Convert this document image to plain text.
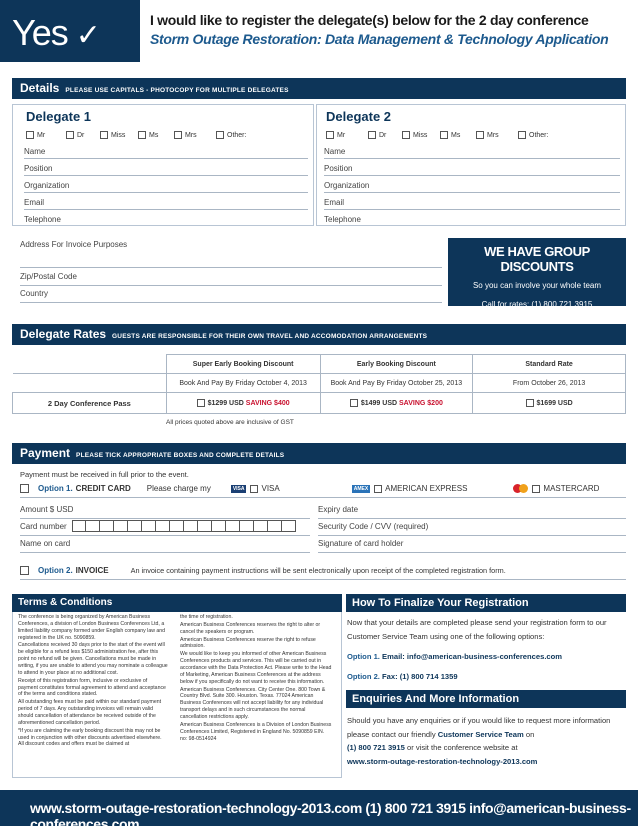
Yes ✓	I would like to register the delegate(s) below for the 2 day conference
Storm Outage Restoration: Data Management & Technology Application
Details PLEASE USE CAPITALS - PHOTOCOPY FOR MULTIPLE DELEGATES
Delegate 1	Delegate 2
Mr	Dr	Miss	Ms	Mrs	Other:	Mr	Dr	Miss	Ms	Mrs	Other:
Name
Position
Organization
Email
Telephone
Name
Position
Organization
Email
Telephone
Address For Invoice Purposes
Zip/Postal Code
Country
WE HAVE GROUP DISCOUNTS
So you can involve your whole team
Call for rates: (1) 800 721 3915
Delegate Rates GUESTS ARE RESPONSIBLE FOR THEIR OWN TRAVEL AND ACCOMODATION ARRANGEMENTS
	Super Early Booking Discount	Early Booking Discount	Standard Rate
	Book And Pay By Friday October 4, 2013	Book And Pay By Friday October 25, 2013	From October 26, 2013
2 Day Conference Pass	$1299 USD SAVING $400	$1499 USD SAVING $200	$1699 USD
All prices quoted above are inclusive of GST
Payment PLEASE TICK APPROPRIATE BOXES AND COMPLETE DETAILS
Payment must be received in full prior to the event.
Option 1. CREDIT CARD Please charge my	VISA VISA	AMEX AMERICAN EXPRESS	MASTERCARD
Amount $ USD	Expiry date
Card number	Security Code / CVV (required)
Name on card	Signature of card holder
Option 2. INVOICE	An invoice containing payment instructions will be sent electronically upon receipt of the completed registration form.
Terms & Conditions

The conference is being organized by American Business Conferences, a division of London Business Conferences Ltd, a limited liability company formed under English company law and registered in the UK no. 5090859.

Cancellations received 30 days prior to the start of the event will be eligible for a refund less $150 administration fee, after this point no refund will be given. Cancellations must be made in writing, if you are unable to attend you may nominate a colleague to attend in your place at no additional cost.

Receipt of this registration form, inclusive or exclusive of payment constitutes formal agreement to attend and acceptance of the terms and conditions stated.

All outstanding fees must be paid within our standard payment period of 7 days. Any outstanding invoices will remain valid should cancellation of attendance be received outside of the aforementioned cancellation period.

*If you are claiming the early booking discount this may not be used in conjunction with other discounts advertised elsewhere. All discount codes and offers must be claimed at

the time of registration.

American Business Conferences reserves the right to alter or cancel the speakers or program.

American Business Conferences reserve the right to refuse admission.

We would like to keep you informed of other American Business Conferences products and services. This will be carried out in accordance with the Data Protection Act. Please write to the Head of Marketing, American Business Conferences at the address below if you specifically do not want to receive this information.

American Business Conferences. City Center One. 800 Town & Country Blvd. Suite 300. Houston. Texas. 77024 American Business Conferences will not accept liability for any individual transport delays and in such circumstances the normal cancellation restrictions apply.

American Business Conferences is a Division of London Business Conferences Limited, Registered in England No. 5090859 EIN. no: 98-0514924

How To Finalize Your Registration
Now that your details are completed please send your registration form to our Customer Service Team using one of the following options:
Option 1. Email: info@american-business-conferences.com
Option 2. Fax: (1) 800 714 1359
Enquiries And More Information
Should you have any enquiries or if you would like to request more information please contact our friendly Customer Service Team on
(1) 800 721 3915 or visit the conference website at
www.storm-outage-restoration-technology-2013.com
www.storm-outage-restoration-technology-2013.com (1) 800 721 3915 info@american-business-conferences.com
